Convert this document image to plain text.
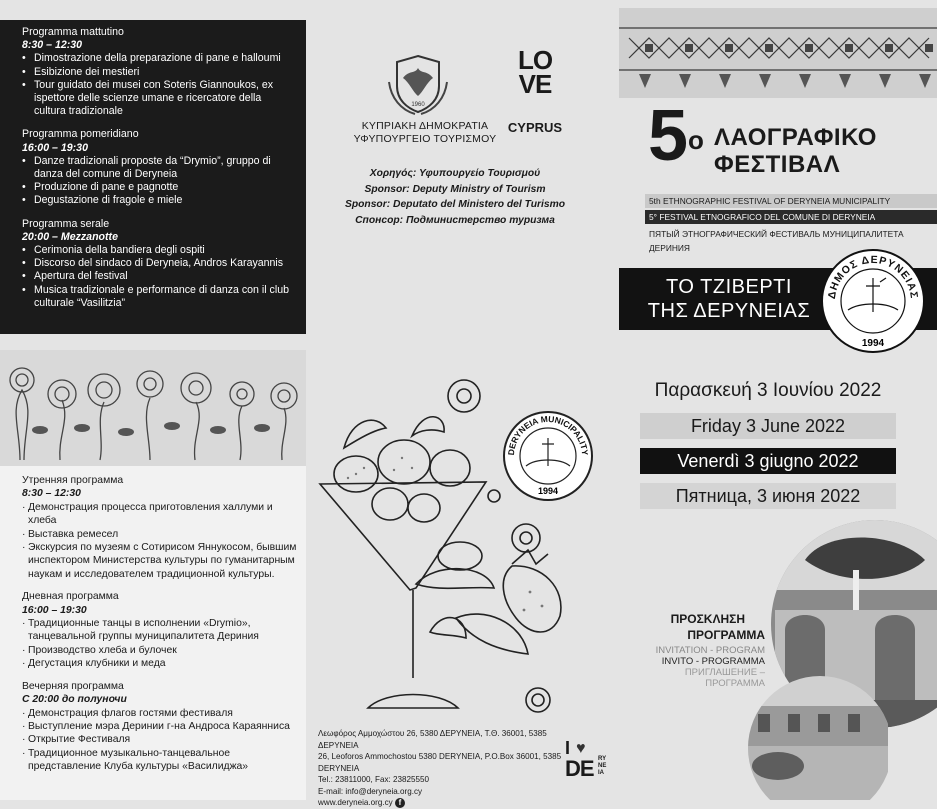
Programma mattutino
8:30 – 12:30
• Dimostrazione della preparazione di pane e halloumi
• Esibizione dei mestieri
• Tour guidato dei musei con Soteris Giannoukos, ex ispettore delle scienze umane e ricercatore della cultura tradizionale
Programma pomeridiano
16:00 – 19:30
• Danze tradizionali proposte da “Drymio”, gruppo di danza del comune di Deryneia
• Produzione di pane e pagnotte
• Degustazione di fragole e miele
Programma serale
20:00 – Mezzanotte
• Cerimonia della bandiera degli ospiti
• Discorso del sindaco di Deryneia, Andros Karayannis
• Apertura del festival
• Musica tradizionale e performance di danza con il club culturale “Vasilitzia”
Утренняя программа
8:30 – 12:30
· Демонстрация процесса приготовления халлуми и хлеба
· Выставка ремесел
· Экскурсия по музеям с Сотирисом Яннукосом, бывшим инспектором Министерства культуры по гуманитарным наукам и исследователем традиционной культуры.
Дневная программа
16:00 – 19:30
· Традиционные танцы в исполнении «Drymio», танцевальной группы муниципалитета Дериния
· Производство хлеба и булочек
· Дегустация клубники и меда
Вечерняя программа
С 20:00 до полуночи
· Демонстрация флагов гостями фестиваля
· Выступление мэра Деринии г-на Андроса Караянниса
· Открытие Фестиваля
· Традиционное музыкально-танцевальное представление Клуба культуры «Василиджа»
1960
ΚΥΠΡΙΑΚΗ ΔΗΜΟΚΡΑΤΙΑ
ΥΦΥΠΟΥΡΓΕΙΟ ΤΟΥΡΙΣΜΟΥ
LO
VE
CYPRUS
Χορηγός: Υφυπουργείο Τουρισμού
Sponsor: Deputy Ministry of Tourism
Sponsor: Deputato del Ministero del Turismo
Спонсор: Подминистерство туризма
DERYNEIA MUNICIPALITY
1994
Λεωφόρος Αμμοχώστου 26, 5380 ΔΕΡΥΝΕΙΑ, Τ.Θ. 36001, 5385 ΔΕΡΥΝΕΙΑ
26, Leoforos Ammochostou 5380 DERYNEIA, P.O.Box 36001, 5385 DERYNEIA
Tel.: 23811000, Fax: 23825550
E-mail: info@deryneia.org.cy
www.deryneia.org.cy f
I ♥
DE RY NE IA
$5^o$ ΛΑΟΓΡΑΦΙΚΟ
ΦΕΣΤΙΒΑΛ
5th ETHNOGRAPHIC FESTIVAL OF DERYNEIA MUNICIPALITY
5° FESTIVAL ETNOGRAFICO DEL COMUNE DI DERYNEIA
ПЯТЫЙ ЭТНОГРАФИЧЕСКИЙ ФЕСТИВАЛЬ МУНИЦИПАЛИТЕТА ДЕРИНИЯ
ΤΟ ΤΖΙΒΕΡΤΙ
ΤΗΣ ΔΕΡΥΝΕΙΑΣ
ΔΗΜΟΣ ΔΕΡΥΝΕΙΑΣ
1994
Παρασκευή 3 Ιουνίου 2022
Friday 3 June 2022
Venerdì 3 giugno 2022
Пятница, 3 июня 2022
ΠΡΟΣΚΛΗΣΗ
ΠΡΟΓΡΑΜΜΑ
INVITATION - PROGRAM
INVITO - PROGRAMMA
ПРИГЛАШЕНИЕ – ПРОГРАММА
